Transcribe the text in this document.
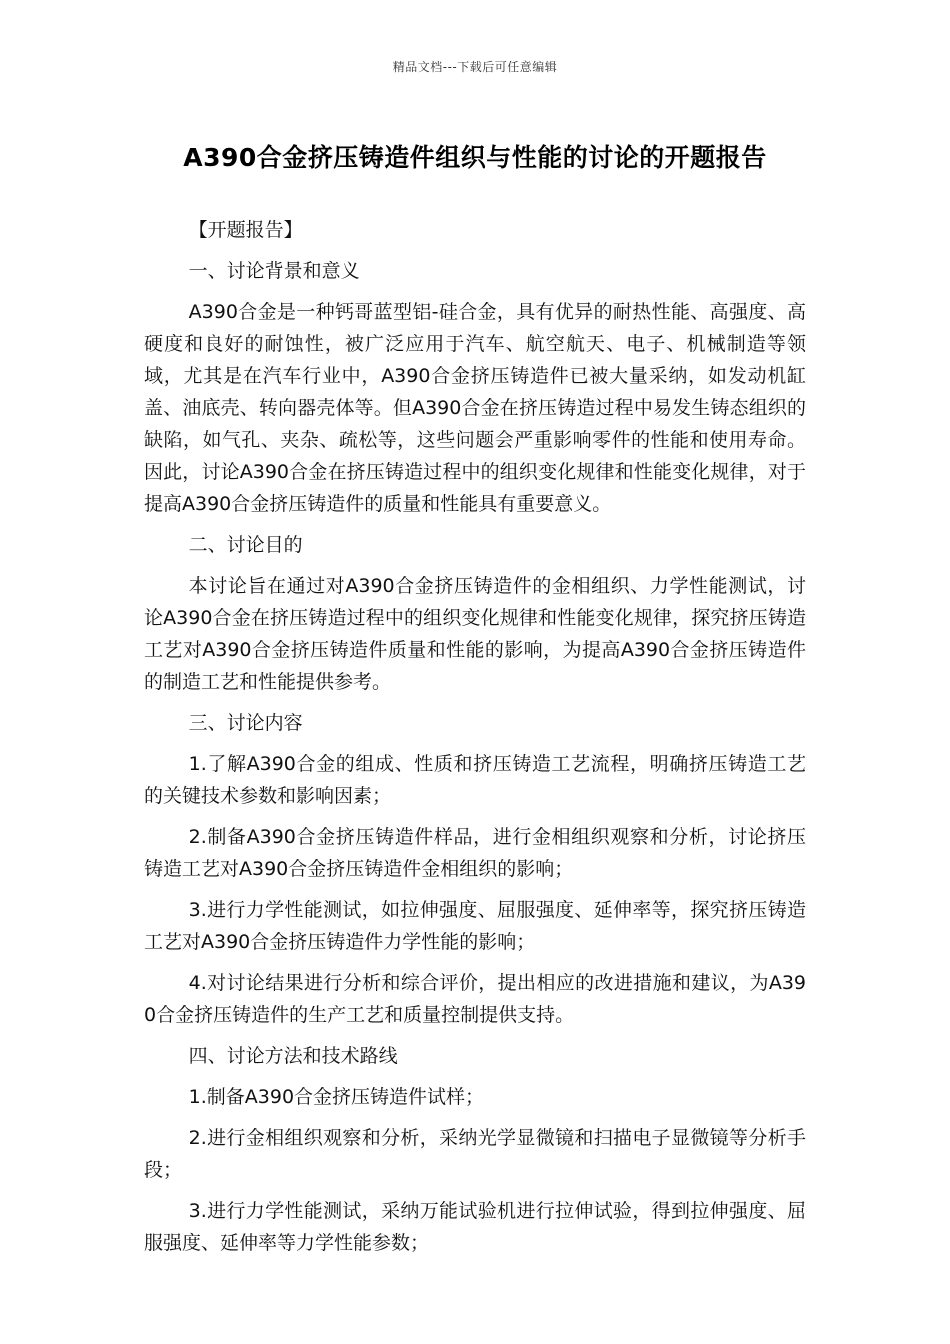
精品文档---下载后可任意编辑
A390合金挤压铸造件组织与性能的讨论的开题报告

【开题报告】

一、讨论背景和意义

A390合金是一种钙哥蓝型铝-硅合金，具有优异的耐热性能、高强度、高硬度和良好的耐蚀性，被广泛应用于汽车、航空航天、电子、机械制造等领域，尤其是在汽车行业中，A390合金挤压铸造件已被大量采纳，如发动机缸盖、油底壳、转向器壳体等。但A390合金在挤压铸造过程中易发生铸态组织的缺陷，如气孔、夹杂、疏松等，这些问题会严重影响零件的性能和使用寿命。因此，讨论A390合金在挤压铸造过程中的组织变化规律和性能变化规律，对于提高A390合金挤压铸造件的质量和性能具有重要意义。

二、讨论目的

本讨论旨在通过对A390合金挤压铸造件的金相组织、力学性能测试，讨论A390合金在挤压铸造过程中的组织变化规律和性能变化规律，探究挤压铸造工艺对A390合金挤压铸造件质量和性能的影响，为提高A390合金挤压铸造件的制造工艺和性能提供参考。

三、讨论内容

1.了解A390合金的组成、性质和挤压铸造工艺流程，明确挤压铸造工艺的关键技术参数和影响因素；

2.制备A390合金挤压铸造件样品，进行金相组织观察和分析，讨论挤压铸造工艺对A390合金挤压铸造件金相组织的影响；

3.进行力学性能测试，如拉伸强度、屈服强度、延伸率等，探究挤压铸造工艺对A390合金挤压铸造件力学性能的影响；

4.对讨论结果进行分析和综合评价，提出相应的改进措施和建议，为A390合金挤压铸造件的生产工艺和质量控制提供支持。

四、讨论方法和技术路线

1.制备A390合金挤压铸造件试样；

2.进行金相组织观察和分析，采纳光学显微镜和扫描电子显微镜等分析手段；

3.进行力学性能测试，采纳万能试验机进行拉伸试验，得到拉伸强度、屈服强度、延伸率等力学性能参数；
